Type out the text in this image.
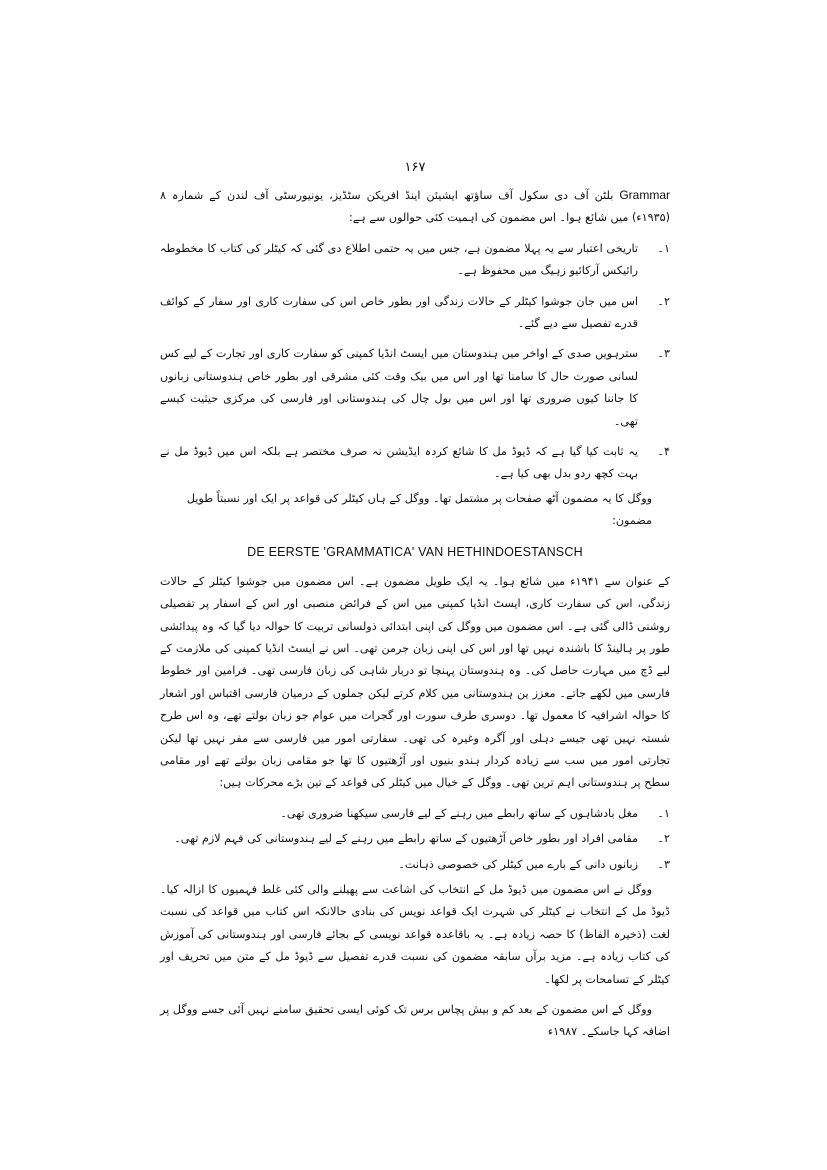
۱۶۷

Grammar بلٹن آف دی سکول آف ساؤتھ ایشیئن اینڈ افریکن سٹڈیز، یونیورسٹی آف لندن کے شمارہ ۸ (۱۹۳۵ء) میں شائع ہوا۔ اس مضمون کی اہمیت کئی حوالوں سے ہے:

۱۔
تاریخی اعتبار سے یہ پہلا مضمون ہے، جس میں یہ حتمی اطلاع دی گئی کہ کیٹلر کی کتاب کا مخطوطہ رائیکس آرکائیو زہیگ میں محفوظ ہے۔
۲۔
اس میں جان جوشوا کیٹلر کے حالات زندگی اور بطور خاص اس کی سفارت کاری اور سفار کے کوائف قدرے تفصیل سے دیے گئے۔
۳۔
سترہویں صدی کے اواخر میں ہندوستان میں ایسٹ انڈیا کمپنی کو سفارت کاری اور تجارت کے لیے کس لسانی صورت حال کا سامنا تھا اور اس میں بیک وقت کئی مشرقی اور بطور خاص ہندوستانی زبانوں کا جاننا کیوں ضروری تھا اور اس میں بول چال کی ہندوستانی اور فارسی کی مرکزی حیثیت کیسے تھی۔
۴۔
یہ ثابت کیا گیا ہے کہ ڈیوڈ مل کا شائع کردہ ایڈیشن نہ صرف مختصر ہے بلکہ اس میں ڈیوڈ مل نے بہت کچھ ردو بدل بھی کیا ہے۔

ووگل کا یہ مضمون آٹھ صفحات پر مشتمل تھا۔ ووگل کے ہاں کیٹلر کی قواعد پر ایک اور نسبتاً طویل مضمون:

DE EERSTE 'GRAMMATICA' VAN HETHINDOESTANSCH

کے عنوان سے ۱۹۴۱ء میں شائع ہوا۔ یہ ایک طویل مضمون ہے۔ اس مضمون میں جوشوا کیٹلر کے حالات زندگی، اس کی سفارت کاری، ایسٹ انڈیا کمپنی میں اس کے فرائض منصبی اور اس کے اسفار پر تفصیلی روشنی ڈالی گئی ہے۔ اس مضمون میں ووگل کی اپنی ابتدائی ذولسانی تربیت کا حوالہ دیا گیا کہ وہ پیدائشی طور پر ہالینڈ کا باشندہ نہیں تھا اور اس کی اپنی زبان جرمن تھی۔ اس نے ایسٹ انڈیا کمپنی کی ملازمت کے لیے ڈچ میں مہارت حاصل کی۔ وہ ہندوستان پہنچا تو دربار شاہی کی زبان فارسی تھی۔ فرامین اور خطوط فارسی میں لکھے جاتے۔ معزز ین ہندوستانی میں کلام کرتے لیکن جملوں کے درمیان فارسی اقتباس اور اشعار کا حوالہ اشرافیہ کا معمول تھا۔ دوسری طرف سورت اور گجرات میں عوام جو زبان بولتے تھے، وہ اس طرح شستہ نہیں تھی جیسے دہلی اور آگرہ وغیرہ کی تھی۔ سفارتی امور میں فارسی سے مفر نہیں تھا لیکن تجارتی امور میں سب سے زیادہ کردار ہندو بنیوں اور آڑھتیوں کا تھا جو مقامی زبان بولتے تھے اور مقامی سطح پر ہندوستانی اہم ترین تھی۔ ووگل کے خیال میں کیٹلر کی قواعد کے تین بڑے محرکات ہیں:

۱۔
مغل بادشاہوں کے ساتھ رابطے میں رہنے کے لیے فارسی سیکھنا ضروری تھی۔
۲۔
مقامی افراد اور بطور خاص آڑھتیوں کے ساتھ رابطے میں رہنے کے لیے ہندوستانی کی فہم لازم تھی۔
۳۔
زبانوں دانی کے بارے میں کیٹلر کی خصوصی ذہانت۔

ووگل نے اس مضمون میں ڈیوڈ مل کے انتخاب کی اشاعت سے پھیلنے والی کئی غلط فہمیوں کا ازالہ کیا۔ ڈیوڈ مل کے انتخاب نے کیٹلر کی شہرت ایک قواعد نویس کی بنادی حالانکہ اس کتاب میں قواعد کی نسبت لغت (ذخیرہ الفاظ) کا حصہ زیادہ ہے۔ یہ باقاعدہ قواعد نویسی کے بجائے فارسی اور ہندوستانی کی آموزش کی کتاب زیادہ ہے۔ مزید برآں سابقہ مضمون کی نسبت قدرے تفصیل سے ڈیوڈ مل کے متن میں تحریف اور کیٹلر کے تسامحات پر لکھا۔

ووگل کے اس مضمون کے بعد کم و بیش پچاس برس تک کوئی ایسی تحقیق سامنے نہیں آئی جسے ووگل پر اضافہ کہا جاسکے۔ ۱۹۸۷ء
